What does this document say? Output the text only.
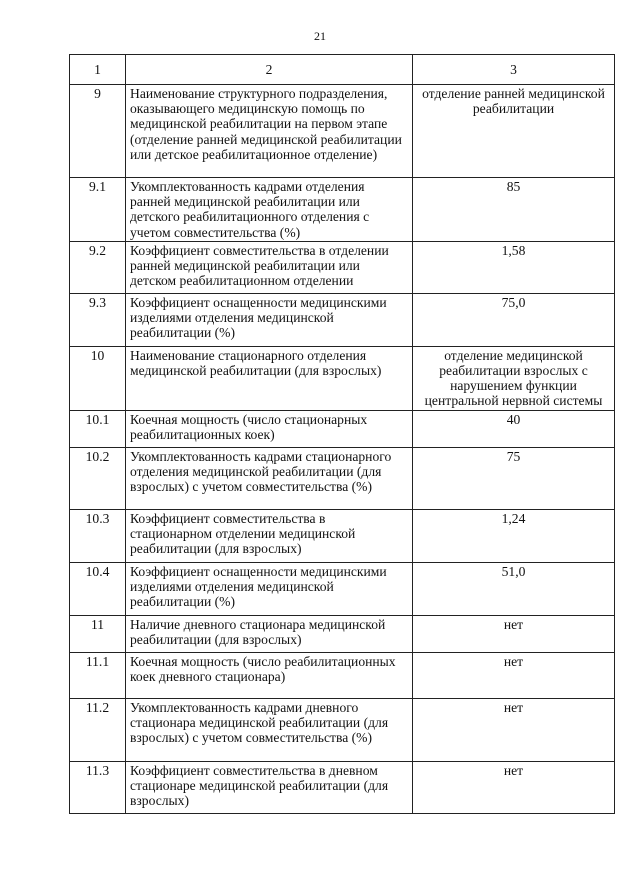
21
1	2	3
9	Наименование структурного подразделения, оказывающего медицинскую помощь по медицинской реабилитации на первом этапе (отделение ранней медицинской реабилитации или детское реабилитационное отделение)	отделение ранней медицинской реабилитации
9.1	Укомплектованность кадрами отделения ранней медицинской реабилитации или детского реабилитационного отделения с учетом совместительства (%)	85
9.2	Коэффициент совместительства в отделении ранней медицинской реабилитации или детском реабилитационном отделении	1,58
9.3	Коэффициент оснащенности медицинскими изделиями отделения медицинской реабилитации (%)	75,0
10	Наименование стационарного отделения медицинской реабилитации (для взрослых)	отделение медицинской реабилитации взрослых с нарушением функции центральной нервной системы
10.1	Коечная мощность (число стационарных реабилитационных коек)	40
10.2	Укомплектованность кадрами стационарного отделения медицинской реабилитации (для взрослых) с учетом совместительства (%)	75
10.3	Коэффициент совместительства в стационарном отделении медицинской реабилитации (для взрослых)	1,24
10.4	Коэффициент оснащенности медицинскими изделиями отделения медицинской реабилитации (%)	51,0
11	Наличие дневного стационара медицинской реабилитации (для взрослых)	нет
11.1	Коечная мощность (число реабилитационных коек дневного стационара)	нет
11.2	Укомплектованность кадрами дневного стационара медицинской реабилитации (для взрослых) с учетом совместительства (%)	нет
11.3	Коэффициент совместительства в дневном стационаре медицинской реабилитации (для взрослых)	нет
